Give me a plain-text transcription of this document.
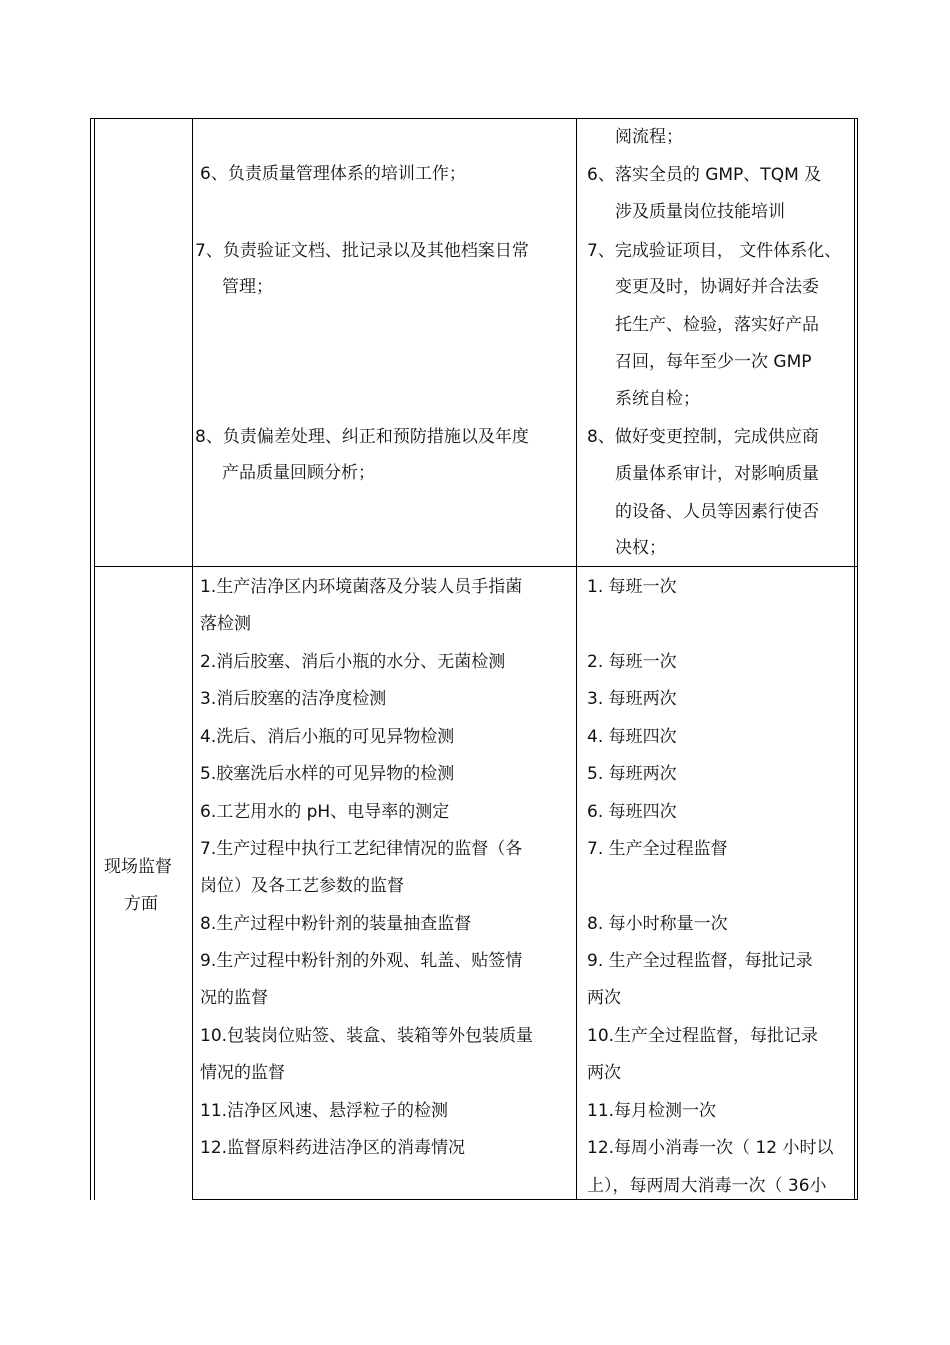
6、负责质量管理体系的培训工作；
7、负责验证文档、批记录以及其他档案日常
管理；
8、负责偏差处理、纠正和预防措施以及年度
产品质量回顾分析；
阅流程；
6、落实全员的 GMP、TQM 及
涉及质量岗位技能培训
7、完成验证项目， 文件体系化、
变更及时，协调好并合法委
托生产、检验，落实好产品
召回，每年至少一次 GMP
系统自检；
8、做好变更控制，完成供应商
质量体系审计，对影响质量
的设备、人员等因素行使否
决权；
现场监督
方面
1.生产洁净区内环境菌落及分装人员手指菌
落检测
2.消后胶塞、消后小瓶的水分、无菌检测
3.消后胶塞的洁净度检测
4.洗后、消后小瓶的可见异物检测
5.胶塞洗后水样的可见异物的检测
6.工艺用水的 pH、电导率的测定
7.生产过程中执行工艺纪律情况的监督（各
岗位）及各工艺参数的监督
8.生产过程中粉针剂的装量抽查监督
9.生产过程中粉针剂的外观、轧盖、贴签情
况的监督
10.包装岗位贴签、装盒、装箱等外包装质量
情况的监督
11.洁净区风速、悬浮粒子的检测
12.监督原料药进洁净区的消毒情况
1. 每班一次
2. 每班一次
3. 每班两次
4. 每班四次
5. 每班两次
6. 每班四次
7. 生产全过程监督
8. 每小时称量一次
9. 生产全过程监督，每批记录
两次
10.生产全过程监督，每批记录
两次
11.每月检测一次
12.每周小消毒一次（ 12 小时以
上），每两周大消毒一次（ 36小
